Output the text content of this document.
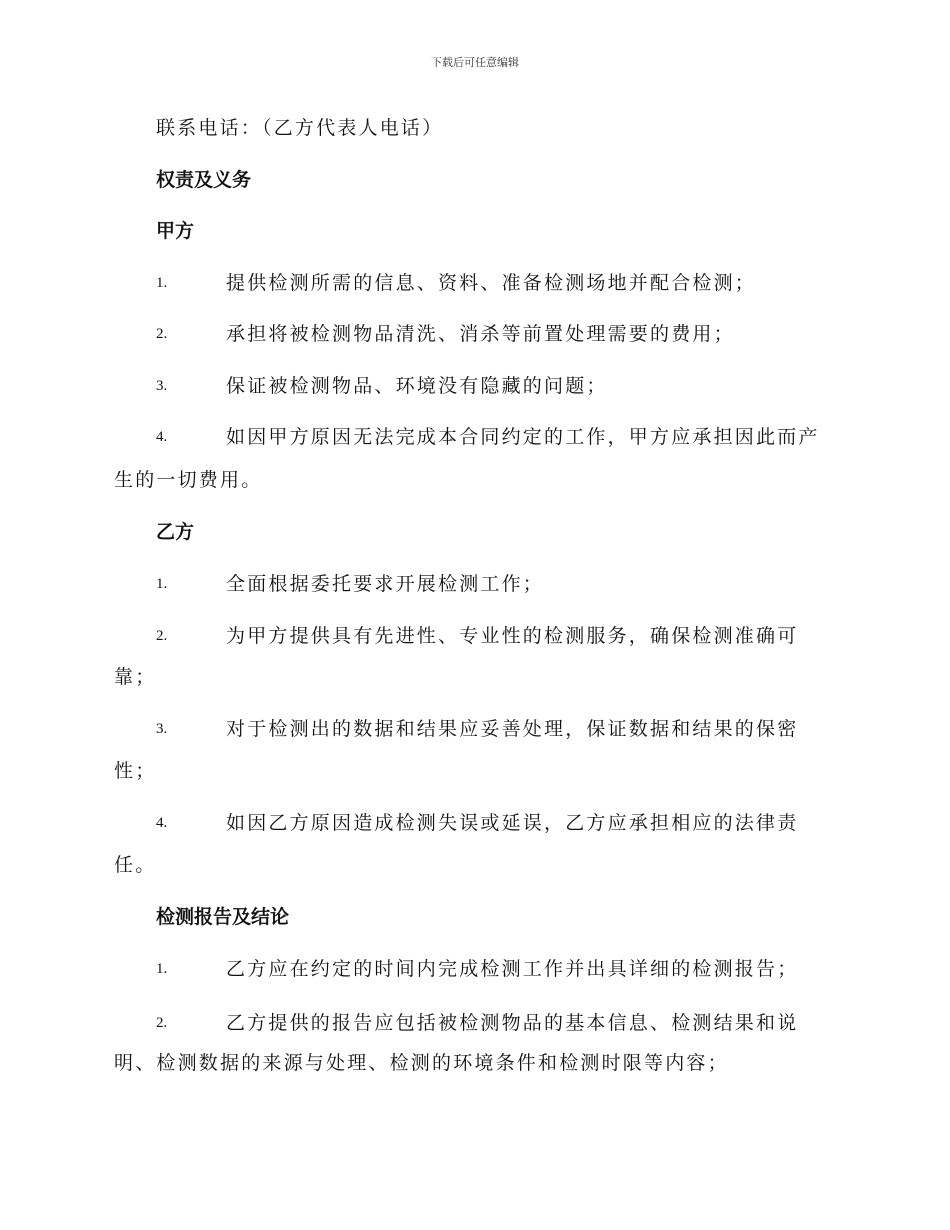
下载后可任意编辑
联系电话：（乙方代表人电话）
权责及义务
甲方
1.	提供检测所需的信息、资料、准备检测场地并配合检测；
2.	承担将被检测物品清洗、消杀等前置处理需要的费用；
3.	保证被检测物品、环境没有隐藏的问题；
4.	如因甲方原因无法完成本合同约定的工作，甲方应承担因此而产
生的一切费用。
乙方
1.	全面根据委托要求开展检测工作；
2.	为甲方提供具有先进性、专业性的检测服务，确保检测准确可
靠；
3.	对于检测出的数据和结果应妥善处理，保证数据和结果的保密
性；
4.	如因乙方原因造成检测失误或延误，乙方应承担相应的法律责
任。
检测报告及结论
1.	乙方应在约定的时间内完成检测工作并出具详细的检测报告；
2.	乙方提供的报告应包括被检测物品的基本信息、检测结果和说
明、检测数据的来源与处理、检测的环境条件和检测时限等内容；
